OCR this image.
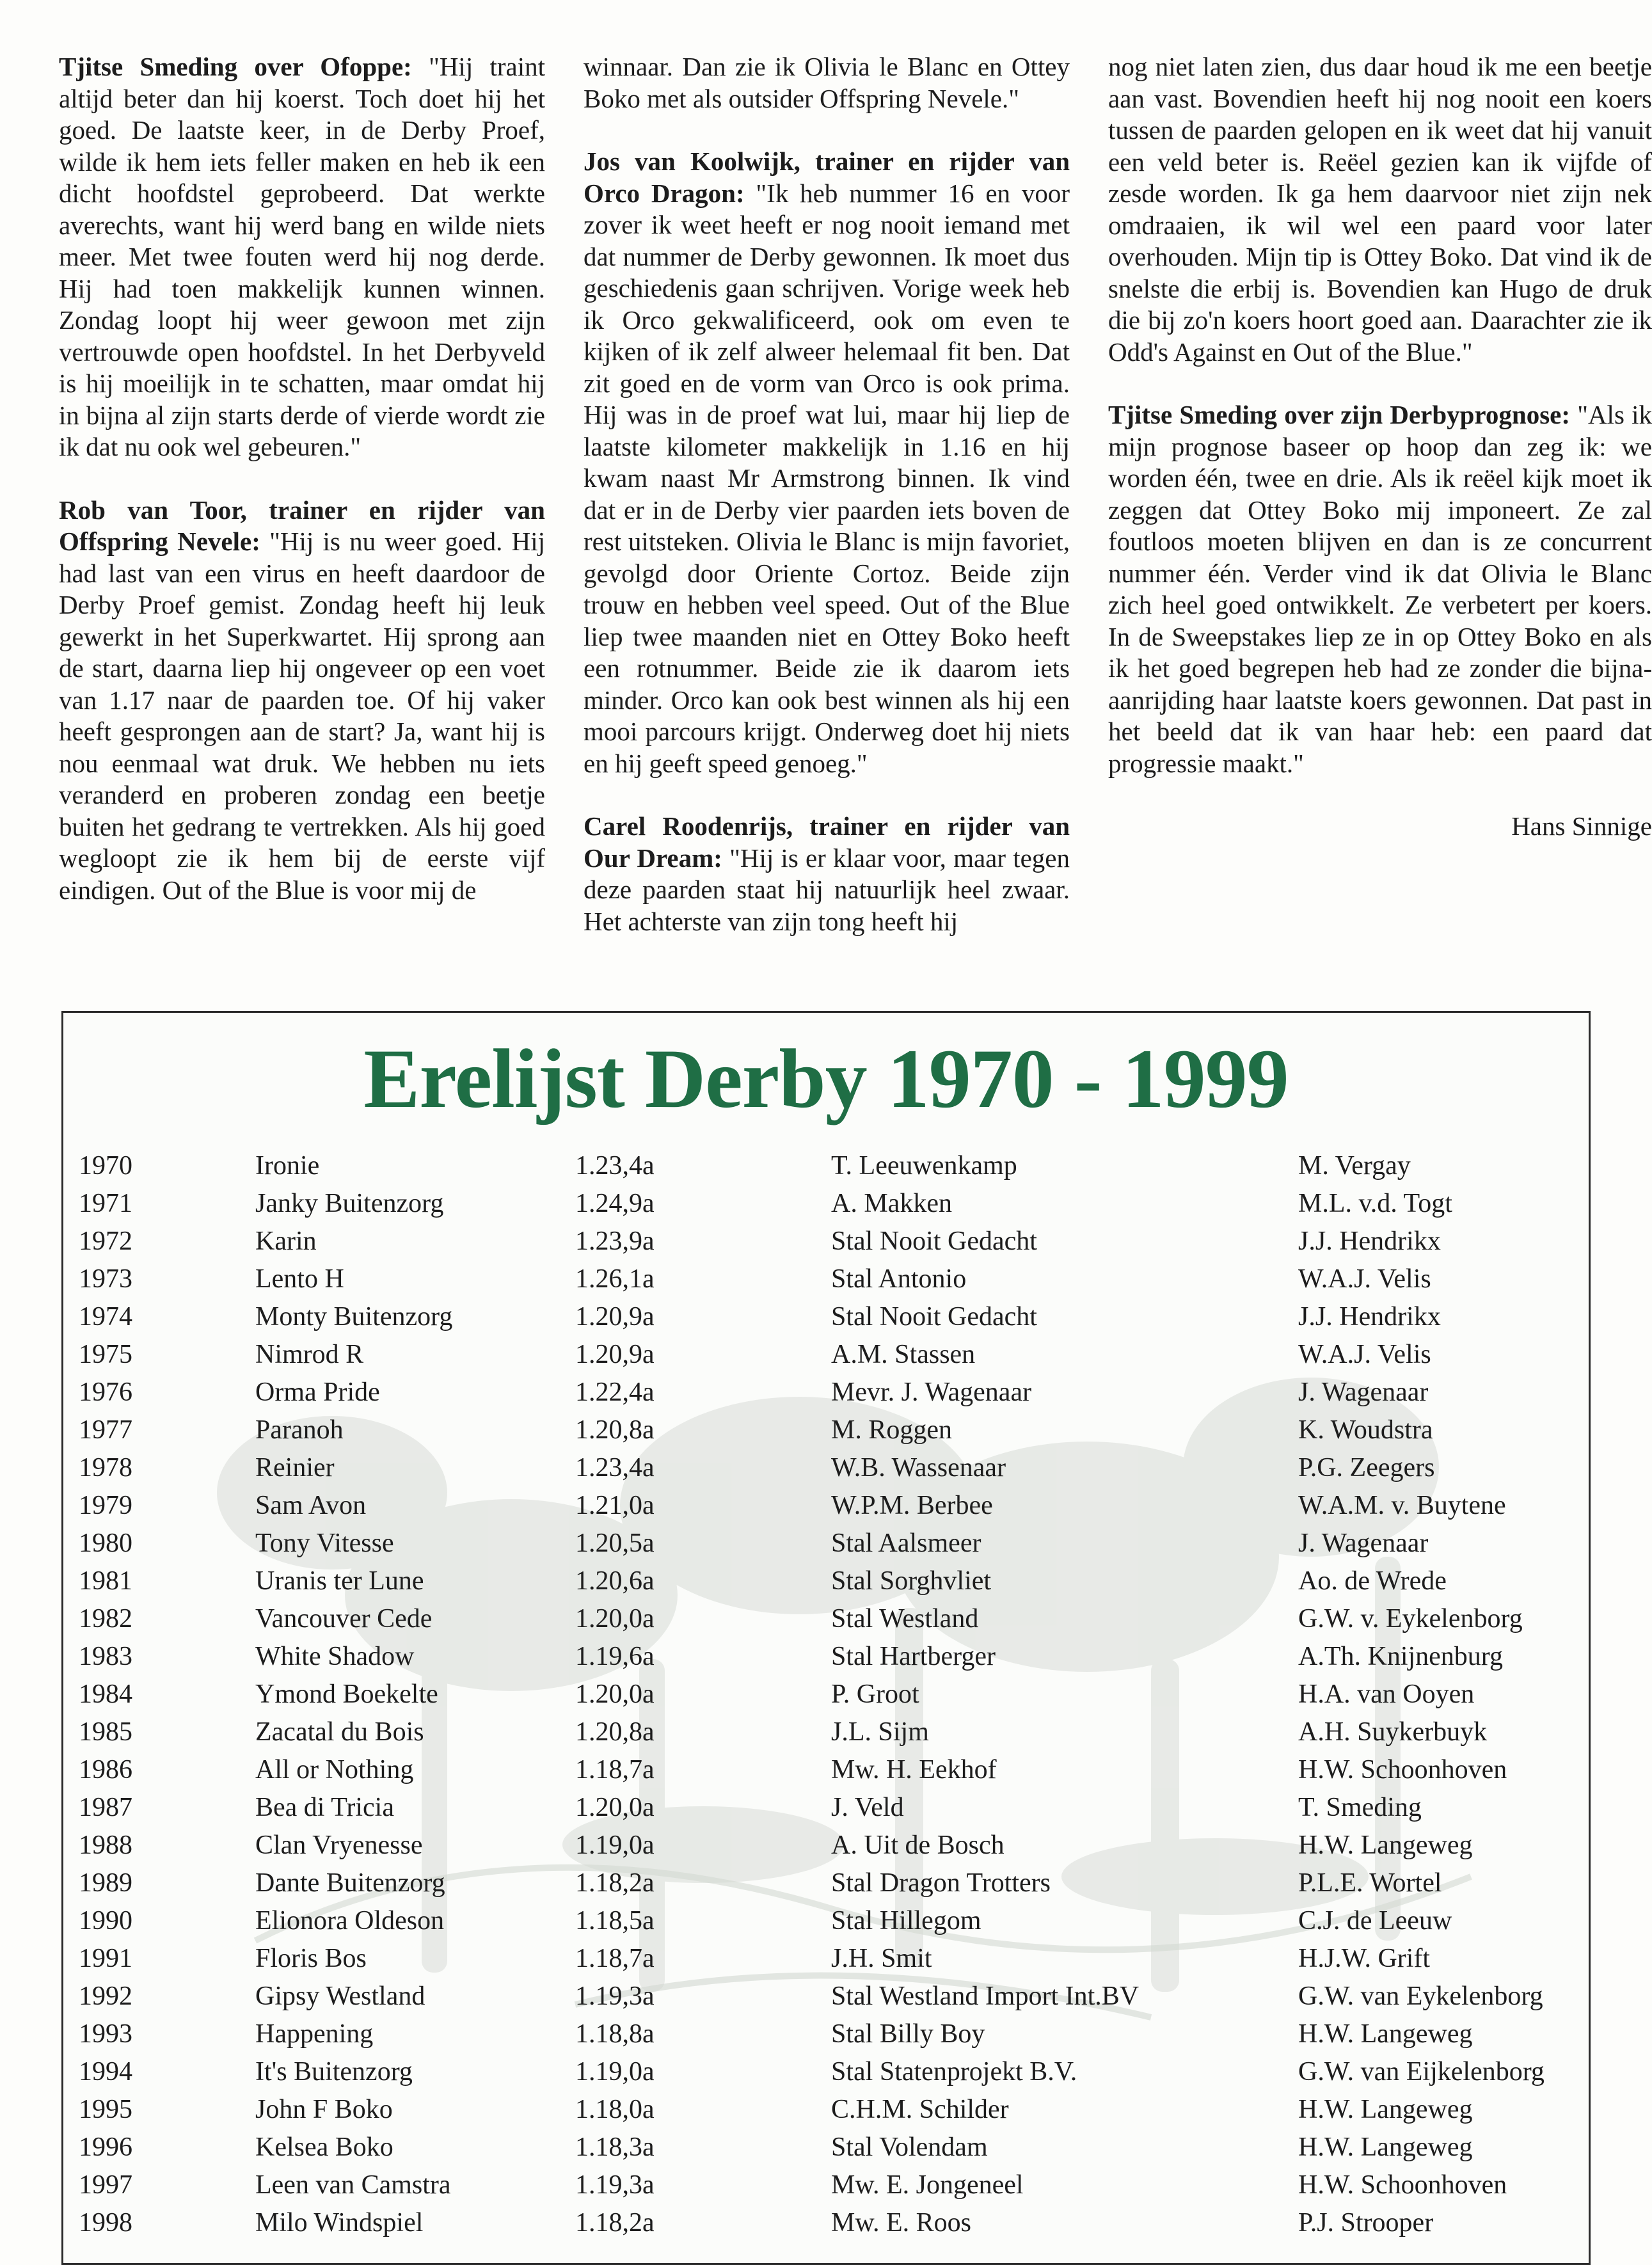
Tjitse Smeding over Ofoppe: "Hij traint altijd beter dan hij koerst. Toch doet hij het goed. De laatste keer, in de Derby Proef, wilde ik hem iets feller maken en heb ik een dicht hoofdstel geprobeerd. Dat werkte averechts, want hij werd bang en wilde niets meer. Met twee fouten werd hij nog derde. Hij had toen makkelijk kunnen winnen. Zondag loopt hij weer gewoon met zijn vertrouwde open hoofdstel. In het Derbyveld is hij moeilijk in te schatten, maar omdat hij in bijna al zijn starts derde of vierde wordt zie ik dat nu ook wel gebeuren."

Rob van Toor, trainer en rijder van Offspring Nevele: "Hij is nu weer goed. Hij had last van een virus en heeft daardoor de Derby Proef gemist. Zondag heeft hij leuk gewerkt in het Superkwartet. Hij sprong aan de start, daarna liep hij ongeveer op een voet van 1.17 naar de paarden toe. Of hij vaker heeft gesprongen aan de start? Ja, want hij is nou eenmaal wat druk. We hebben nu iets veranderd en proberen zondag een beetje buiten het gedrang te vertrekken. Als hij goed wegloopt zie ik hem bij de eerste vijf eindigen. Out of the Blue is voor mij de

winnaar. Dan zie ik Olivia le Blanc en Ottey Boko met als outsider Offspring Nevele."

Jos van Koolwijk, trainer en rijder van Orco Dragon: "Ik heb nummer 16 en voor zover ik weet heeft er nog nooit iemand met dat nummer de Derby gewonnen. Ik moet dus geschiedenis gaan schrijven. Vorige week heb ik Orco gekwalificeerd, ook om even te kijken of ik zelf alweer helemaal fit ben. Dat zit goed en de vorm van Orco is ook prima. Hij was in de proef wat lui, maar hij liep de laatste kilometer makkelijk in 1.16 en hij kwam naast Mr Armstrong binnen. Ik vind dat er in de Derby vier paarden iets boven de rest uitsteken. Olivia le Blanc is mijn favoriet, gevolgd door Oriente Cortoz. Beide zijn trouw en hebben veel speed. Out of the Blue liep twee maanden niet en Ottey Boko heeft een rotnummer. Beide zie ik daarom iets minder. Orco kan ook best winnen als hij een mooi parcours krijgt. Onderweg doet hij niets en hij geeft speed genoeg."

Carel Roodenrijs, trainer en rijder van Our Dream: "Hij is er klaar voor, maar tegen deze paarden staat hij natuurlijk heel zwaar. Het achterste van zijn tong heeft hij

nog niet laten zien, dus daar houd ik me een beetje aan vast. Bovendien heeft hij nog nooit een koers tussen de paarden gelopen en ik weet dat hij vanuit een veld beter is. Reëel gezien kan ik vijfde of zesde worden. Ik ga hem daarvoor niet zijn nek omdraaien, ik wil wel een paard voor later overhouden. Mijn tip is Ottey Boko. Dat vind ik de snelste die erbij is. Bovendien kan Hugo de druk die bij zo'n koers hoort goed aan. Daarachter zie ik Odd's Against en Out of the Blue."

Tjitse Smeding over zijn Derbyprognose: "Als ik mijn prognose baseer op hoop dan zeg ik: we worden één, twee en drie. Als ik reëel kijk moet ik zeggen dat Ottey Boko mij imponeert. Ze zal foutloos moeten blijven en dan is ze concurrent nummer één. Verder vind ik dat Olivia le Blanc zich heel goed ontwikkelt. Ze verbetert per koers. In de Sweepstakes liep ze in op Ottey Boko en als ik het goed begrepen heb had ze zonder die bijna-aanrijding haar laatste koers gewonnen. Dat past in het beeld dat ik van haar heb: een paard dat progressie maakt."

Hans Sinnige

Erelijst Derby 1970 - 1999
1970	Ironie	1.23,4a	T. Leeuwenkamp	M. Vergay
1971	Janky Buitenzorg	1.24,9a	A. Makken	M.L. v.d. Togt
1972	Karin	1.23,9a	Stal Nooit Gedacht	J.J. Hendrikx
1973	Lento H	1.26,1a	Stal Antonio	W.A.J. Velis
1974	Monty Buitenzorg	1.20,9a	Stal Nooit Gedacht	J.J. Hendrikx
1975	Nimrod R	1.20,9a	A.M. Stassen	W.A.J. Velis
1976	Orma Pride	1.22,4a	Mevr. J. Wagenaar	J. Wagenaar
1977	Paranoh	1.20,8a	M. Roggen	K. Woudstra
1978	Reinier	1.23,4a	W.B. Wassenaar	P.G. Zeegers
1979	Sam Avon	1.21,0a	W.P.M. Berbee	W.A.M. v. Buytene
1980	Tony Vitesse	1.20,5a	Stal Aalsmeer	J. Wagenaar
1981	Uranis ter Lune	1.20,6a	Stal Sorghvliet	Ao. de Wrede
1982	Vancouver Cede	1.20,0a	Stal Westland	G.W. v. Eykelenborg
1983	White Shadow	1.19,6a	Stal Hartberger	A.Th. Knijnenburg
1984	Ymond Boekelte	1.20,0a	P. Groot	H.A. van Ooyen
1985	Zacatal du Bois	1.20,8a	J.L. Sijm	A.H. Suykerbuyk
1986	All or Nothing	1.18,7a	Mw. H. Eekhof	H.W. Schoonhoven
1987	Bea di Tricia	1.20,0a	J. Veld	T. Smeding
1988	Clan Vryenesse	1.19,0a	A. Uit de Bosch	H.W. Langeweg
1989	Dante Buitenzorg	1.18,2a	Stal Dragon Trotters	P.L.E. Wortel
1990	Elionora Oldeson	1.18,5a	Stal Hillegom	C.J. de Leeuw
1991	Floris Bos	1.18,7a	J.H. Smit	H.J.W. Grift
1992	Gipsy Westland	1.19,3a	Stal Westland Import Int.BV	G.W. van Eykelenborg
1993	Happening	1.18,8a	Stal Billy Boy	H.W. Langeweg
1994	It's Buitenzorg	1.19,0a	Stal Statenprojekt B.V.	G.W. van Eijkelenborg
1995	John F Boko	1.18,0a	C.H.M. Schilder	H.W. Langeweg
1996	Kelsea Boko	1.18,3a	Stal Volendam	H.W. Langeweg
1997	Leen van Camstra	1.19,3a	Mw. E. Jongeneel	H.W. Schoonhoven
1998	Milo Windspiel	1.18,2a	Mw. E. Roos	P.J. Strooper
